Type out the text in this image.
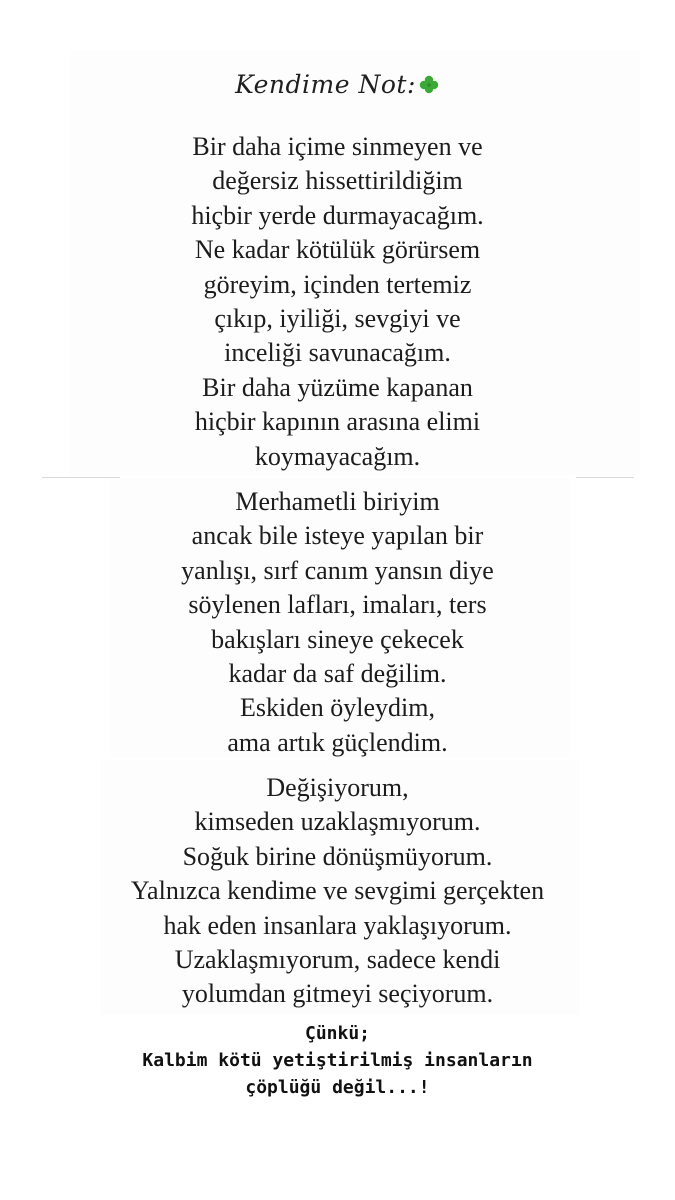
Kendime Not:
Bir daha içime sinmeyen ve
değersiz hissettirildiğim
hiçbir yerde durmayacağım.
Ne kadar kötülük görürsem
göreyim, içinden tertemiz
çıkıp, iyiliği, sevgiyi ve
inceliği savunacağım.
Bir daha yüzüme kapanan
hiçbir kapının arasına elimi
koymayacağım.
Merhametli biriyim
ancak bile isteye yapılan bir
yanlışı, sırf canım yansın diye
söylenen lafları, imaları, ters
bakışları sineye çekecek
kadar da saf değilim.
Eskiden öyleydim,
ama artık güçlendim.
Değişiyorum,
kimseden uzaklaşmıyorum.
Soğuk birine dönüşmüyorum.
Yalnızca kendime ve sevgimi gerçekten
hak eden insanlara yaklaşıyorum.
Uzaklaşmıyorum, sadece kendi
yolumdan gitmeyi seçiyorum.
Çünkü;
Kalbim kötü yetiştirilmiş insanların
çöplüğü değil...!
